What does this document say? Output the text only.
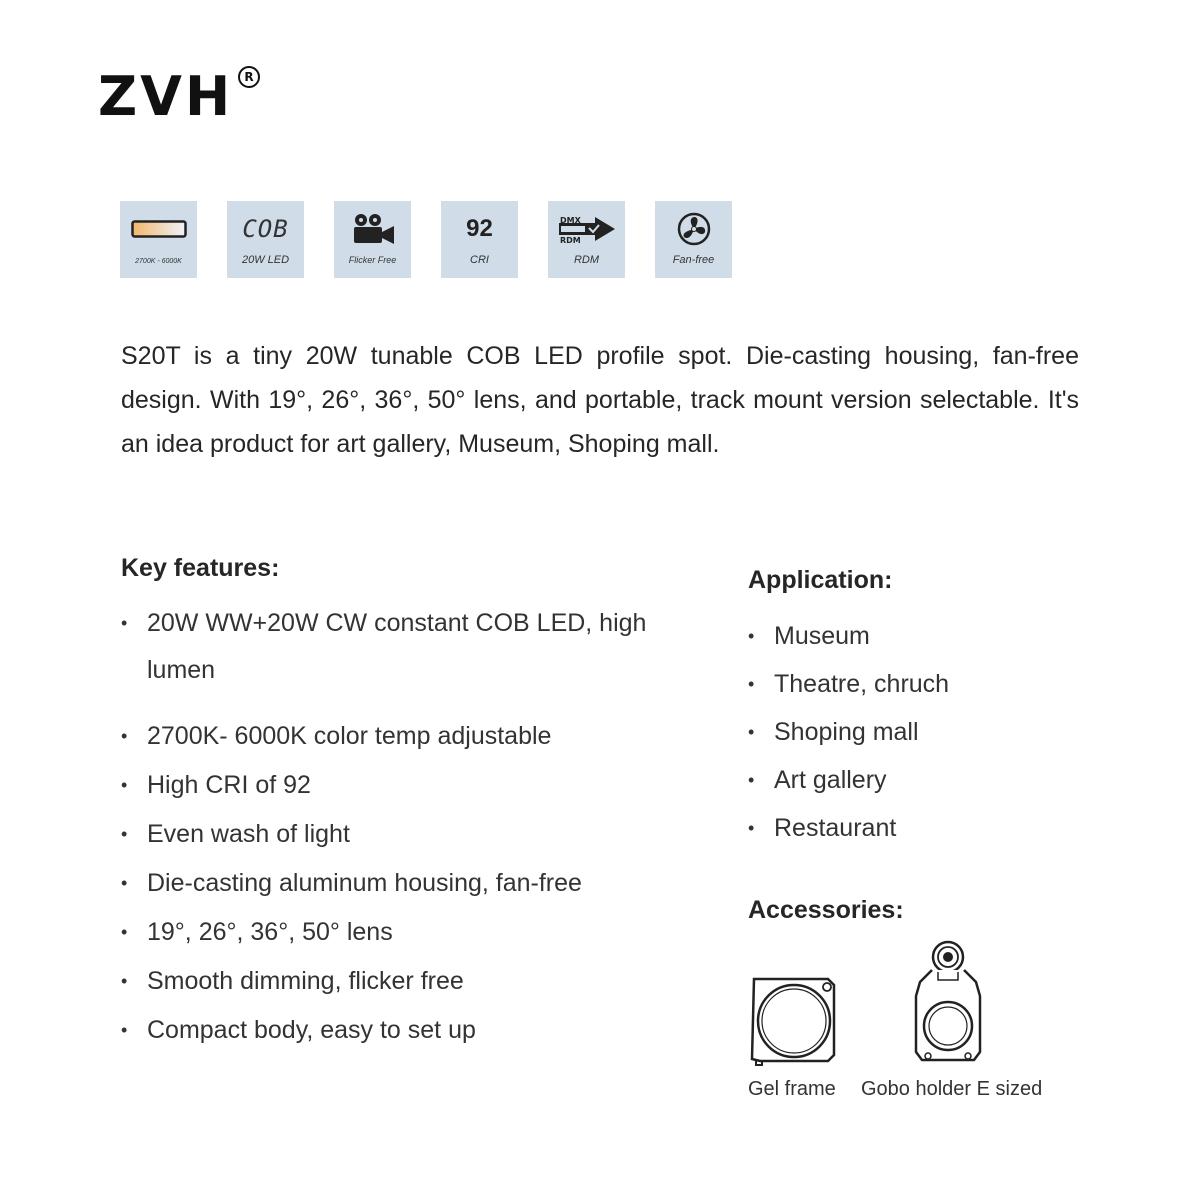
ZVH R
2700K - 6000K
COB
20W LED	Flicker Free
92
CRI
DMX
RDM
RDM	Fan-free

S20T is a tiny 20W tunable COB LED profile spot. Die-casting housing, fan-free design. With 19°, 26°, 36°, 50° lens, and portable, track mount version selectable. It's an idea product for art gallery, Museum, Shoping mall.

Key features:
• 20W WW+20W CW constant COB LED, high lumen
• 2700K- 6000K color temp adjustable
• High CRI of 92
• Even wash of light
• Die-casting aluminum housing, fan-free
• 19°, 26°, 36°, 50° lens
• Smooth dimming, flicker free
• Compact body, easy to set up
Application:
• Museum
• Theatre, chruch
• Shoping mall
• Art gallery
• Restaurant
Accessories:
Gel frame Gobo holder E sized
